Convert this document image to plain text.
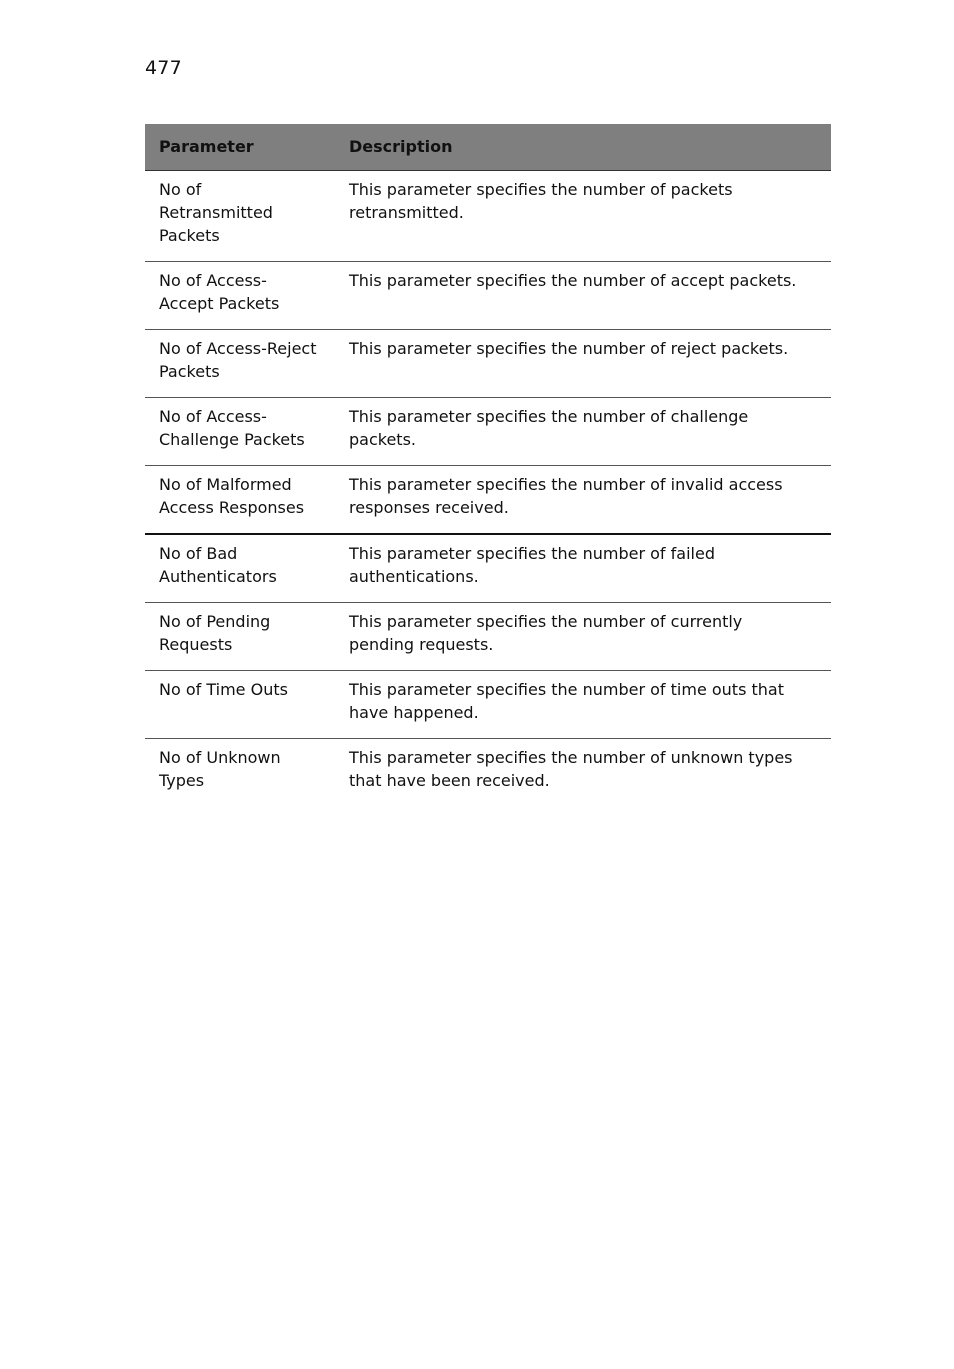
477
Parameter	Description
No of Retransmitted Packets	This parameter specifies the number of packets retransmitted.
No of Access-Accept Packets	This parameter specifies the number of accept packets.
No of Access-Reject Packets	This parameter specifies the number of reject packets.
No of Access-Challenge Packets	This parameter specifies the number of challenge packets.
No of Malformed Access Responses	This parameter specifies the number of invalid access responses received.
No of Bad Authenticators	This parameter specifies the number of failed authentications.
No of Pending Requests	This parameter specifies the number of currently pending requests.
No of Time Outs	This parameter specifies the number of time outs that have happened.
No of Unknown Types	This parameter specifies the number of unknown types that have been received.
